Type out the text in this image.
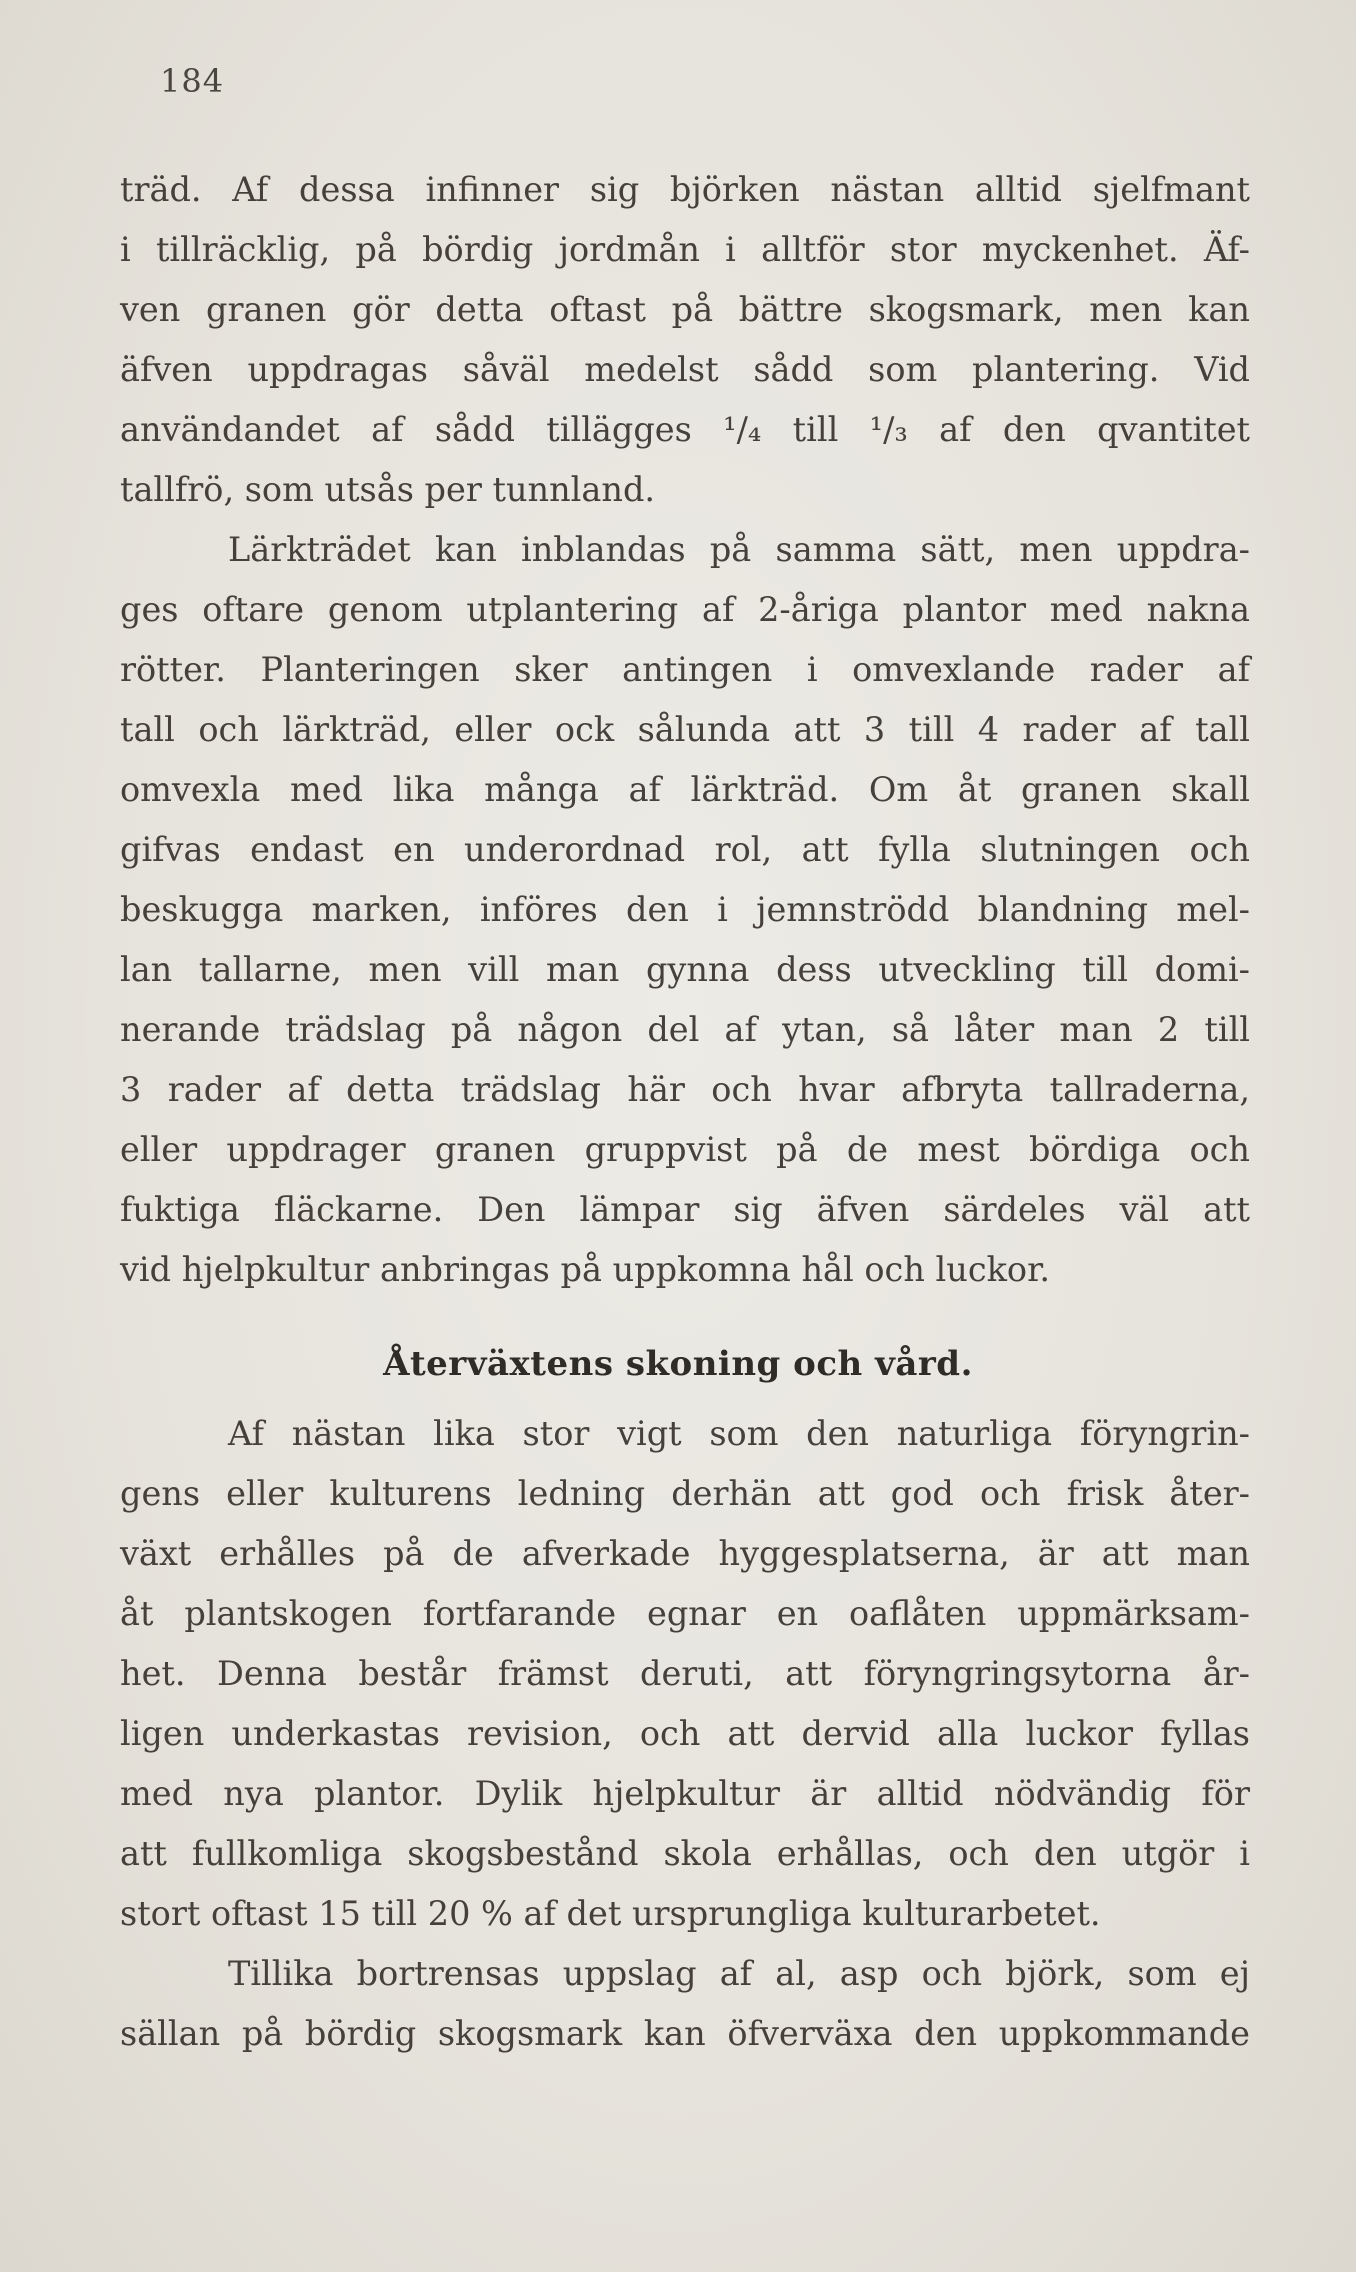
184
träd. Af dessa infinner sig björken nästan alltid sjelfmant
i tillräcklig, på bördig jordmån i alltför stor myckenhet. Äf-
ven granen gör detta oftast på bättre skogsmark, men kan
äfven uppdragas såväl medelst sådd som plantering. Vid
användandet af sådd tillägges ¹/₄ till ¹/₃ af den qvantitet
tallfrö, som utsås per tunnland.
Lärkträdet kan inblandas på samma sätt, men uppdra-
ges oftare genom utplantering af 2-åriga plantor med nakna
rötter. Planteringen sker antingen i omvexlande rader af
tall och lärkträd, eller ock sålunda att 3 till 4 rader af tall
omvexla med lika många af lärkträd. Om åt granen skall
gifvas endast en underordnad rol, att fylla slutningen och
beskugga marken, införes den i jemnströdd blandning mel-
lan tallarne, men vill man gynna dess utveckling till domi-
nerande trädslag på någon del af ytan, så låter man 2 till
3 rader af detta trädslag här och hvar afbryta tallraderna,
eller uppdrager granen gruppvist på de mest bördiga och
fuktiga fläckarne. Den lämpar sig äfven särdeles väl att
vid hjelpkultur anbringas på uppkomna hål och luckor.
Återväxtens skoning och vård.
Af nästan lika stor vigt som den naturliga föryngrin-
gens eller kulturens ledning derhän att god och frisk åter-
växt erhålles på de afverkade hyggesplatserna, är att man
åt plantskogen fortfarande egnar en oaflåten uppmärksam-
het. Denna består främst deruti, att föryngringsytorna år-
ligen underkastas revision, och att dervid alla luckor fyllas
med nya plantor. Dylik hjelpkultur är alltid nödvändig för
att fullkomliga skogsbestånd skola erhållas, och den utgör i
stort oftast 15 till 20 % af det ursprungliga kulturarbetet.
Tillika bortrensas uppslag af al, asp och björk, som ej
sällan på bördig skogsmark kan öfverväxa den uppkommande
